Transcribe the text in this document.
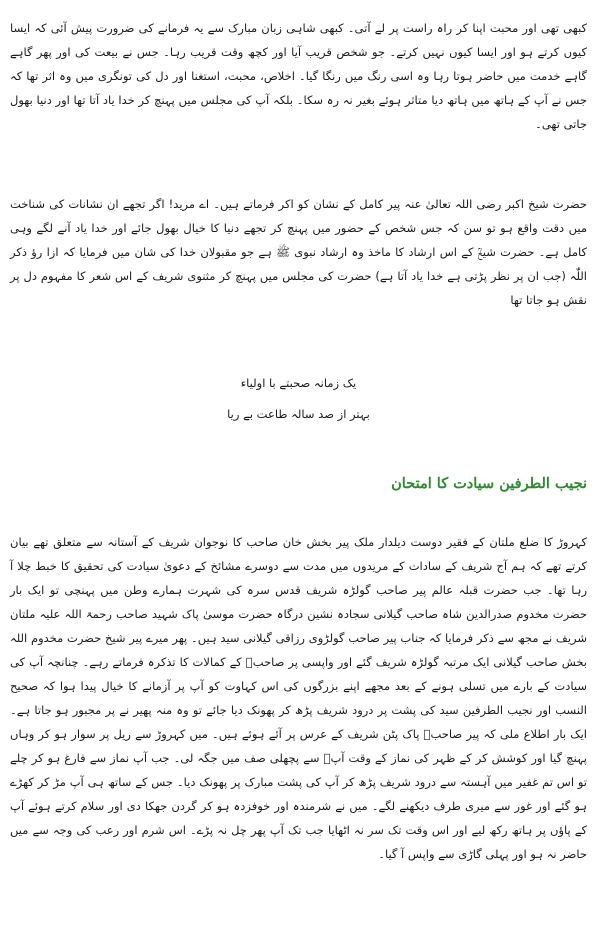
کبھی تھی اور محبت اپنا کر راہ راست پر لے آتی۔ کبھی شاہی زبان مبارک سے یہ فرمانے کی ضرورت پیش آئی کہ ایسا کیوں کرتے ہو اور ایسا کیوں نہیں کرتے۔ جو شخص قریب آیا اور کچھ وقت قریب رہا۔ جس نے بیعت کی اور پھر گاہے گاہے خدمت میں حاضر ہوتا رہا وہ اسی رنگ میں رنگا گیا۔ اخلاص، محبت، استغنا اور دل کی تونگری میں وہ اثر تھا کہ جس نے آپ کے ہاتھ میں ہاتھ دیا متاثر ہوئے بغیر نہ رہ سکا۔ بلکہ آپ کی مجلس میں پہنچ کر خدا یاد آتا تھا اور دنیا بھول جاتی تھی۔

حضرت شیخ اکبر رضی اللہ تعالیٰ عنہ پیر کامل کے نشان کو اکر فرماتے ہیں۔ اے مرید! اگر تجھے ان نشانات کی شناخت میں دقت واقع ہو تو سن کہ جس شخص کے حضور میں پہنچ کر تجھے دنیا کا خیال بھول جائے اور خدا یاد آنے لگے وہی کامل ہے۔ حضرت شیخؒ کے اس ارشاد کا ماخذ وہ ارشاد نبوی ﷺ ہے جو مقبولان خدا کی شان میں فرمایا کہ ازا رؤ ذکر اللّٰہ (جب ان پر نظر پڑتی ہے خدا یاد آتا ہے) حضرت کی مجلس میں پہنچ کر مثنوی شریف کے اس شعر کا مفہوم دل پر نقش ہو جاتا تھا

یک زمانہ صحبتے با اولیاء
بہتر از صد سالہ طاعت بے ریا
نجیب الطرفین سیادت کا امتحان

کہروڑ کا ضلع ملتان کے فقیر دوست دیلدار ملک پیر بخش خان صاحب کا نوجوان شریف کے آستانہ سے متعلق تھے بیان کرتے تھے کہ ہم آج شریف کے سادات کے مریدوں میں مدت سے دوسرے مشائخ کے دعویٰ سیادت کی تحقیق کا خبط چلا آ رہا تھا۔ جب حضرت قبلہ عالم پیر صاحب گولڑہ شریف قدس سرہ کی شہرت ہمارے وطن میں پہنچی تو ایک بار حضرت مخدوم صدرالدین شاہ صاحب گیلانی سجادہ نشین درگاہ حضرت موسیٰ پاک شہید صاحب رحمۃ اللہ علیہ ملتان شریف نے مجھ سے ذکر فرمایا کہ جناب پیر صاحب گولڑوی رزاقی گیلانی سید ہیں۔ پھر میرے پیر شیخ حضرت مخدوم اللہ بخش صاحب گیلانی ایک مرتبہ گولڑہ شریف گئے اور واپسی پر صاحبؒ کے کمالات کا تذکرہ فرماتے رہے۔ چنانچہ آپ کی سیادت کے بارے میں تسلی ہونے کے بعد مجھے اپنے بزرگوں کی اس کہاوت کو آپ پر آزمانے کا خیال پیدا ہوا کہ صحیح النسب اور نجیب الطرفین سید کی پشت پر درود شریف پڑھ کر پھونک دیا جائے تو وہ منہ پھیر نے پر مجبور ہو جاتا ہے۔ ایک بار اطلاع ملی کہ پیر صاحبؒ پاک پٹن شریف کے عرس پر آئے ہوئے ہیں۔ میں کہروڑ سے ریل پر سوار ہو کر وہاں پہنچ گیا اور کوشش کر کے ظہر کی نماز کے وقت آپؒ سے پچھلی صف میں جگہ لی۔ جب آپ نماز سے فارغ ہو کر چلے تو اس تم غفیر میں آہستہ سے درود شریف پڑھ کر آپ کی پشت مبارک پر پھونک دیا۔ جس کے ساتھ ہی آپ مڑ کر کھڑے ہو گئے اور غور سے میری طرف دیکھنے لگے۔ میں نے شرمندہ اور خوفزدہ ہو کر گردن جھکا دی اور سلام کرتے ہوئے آپ کے پاؤں پر ہاتھ رکھ لیے اور اس وقت تک سر نہ اٹھایا جب تک آپ پھر چل نہ پڑے۔ اس شرم اور رعب کی وجہ سے میں حاضر نہ ہو اور پہلی گاڑی سے واپس آ گیا۔
